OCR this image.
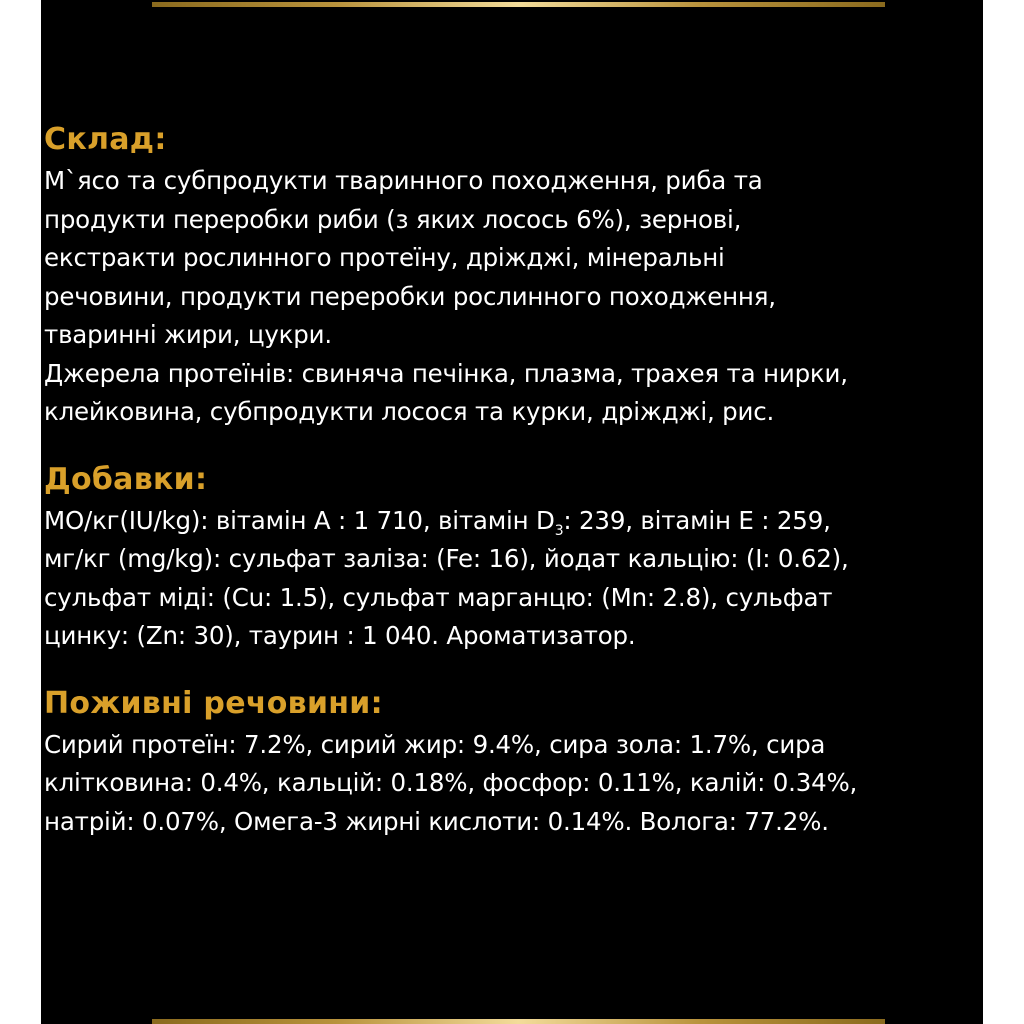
Склад:

М`ясо та субпродукти тваринного походження, риба та
продукти переробки риби (з яких лосось 6%), зернові,
екстракти рослинного протеїну, дріжджі, мінеральні
речовини, продукти переробки рослинного походження,
тваринні жири, цукри.
Джерела протеїнів: свиняча печінка, плазма, трахея та нирки,
клейковина, субпродукти лосося та курки, дріжджі, рис.

Добавки:

МО/кг(IU/kg): вітамін А : 1 710, вітамін $D_3$: 239, вітамін Е : 259,
мг/кг (mg/kg): сульфат заліза: (Fe: 16), йодат кальцію: (I: 0.62),
сульфат міді: (Cu: 1.5), сульфат марганцю: (Mn: 2.8), сульфат
цинку: (Zn: 30), таурин : 1 040. Ароматизатор.

Поживні речовини:

Сирий протеїн: 7.2%, сирий жир: 9.4%, сира зола: 1.7%, сира
клітковина: 0.4%, кальцій: 0.18%, фосфор: 0.11%, калій: 0.34%,
натрій: 0.07%, Омега-3 жирні кислоти: 0.14%. Волога: 77.2%.
